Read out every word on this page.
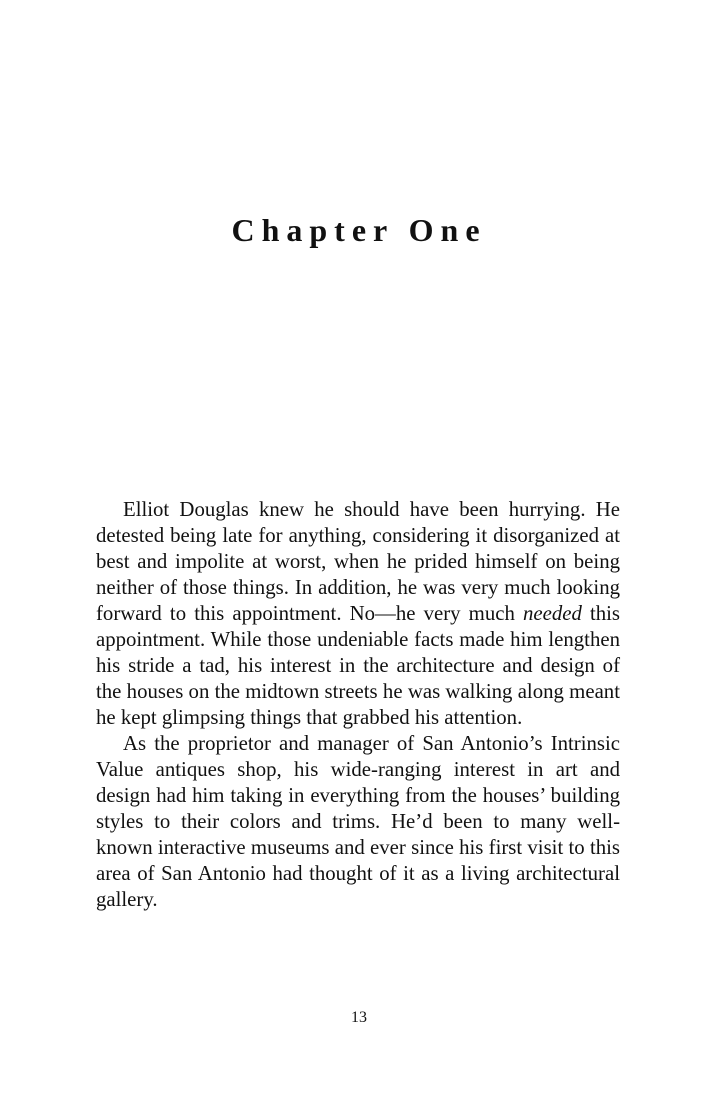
Chapter One

Elliot Douglas knew he should have been hurrying. He detested being late for anything, considering it disorganized at best and impolite at worst, when he prided himself on being neither of those things. In addition, he was very much looking forward to this appointment. No—he very much needed this appointment. While those undeniable facts made him lengthen his stride a tad, his interest in the architecture and design of the houses on the midtown streets he was walking along meant he kept glimpsing things that grabbed his attention.

As the proprietor and manager of San Antonio’s Intrinsic Value antiques shop, his wide-ranging interest in art and design had him taking in everything from the houses’ building styles to their colors and trims. He’d been to many well-known interactive museums and ever since his first visit to this area of San Antonio had thought of it as a living architectural gallery.

13
